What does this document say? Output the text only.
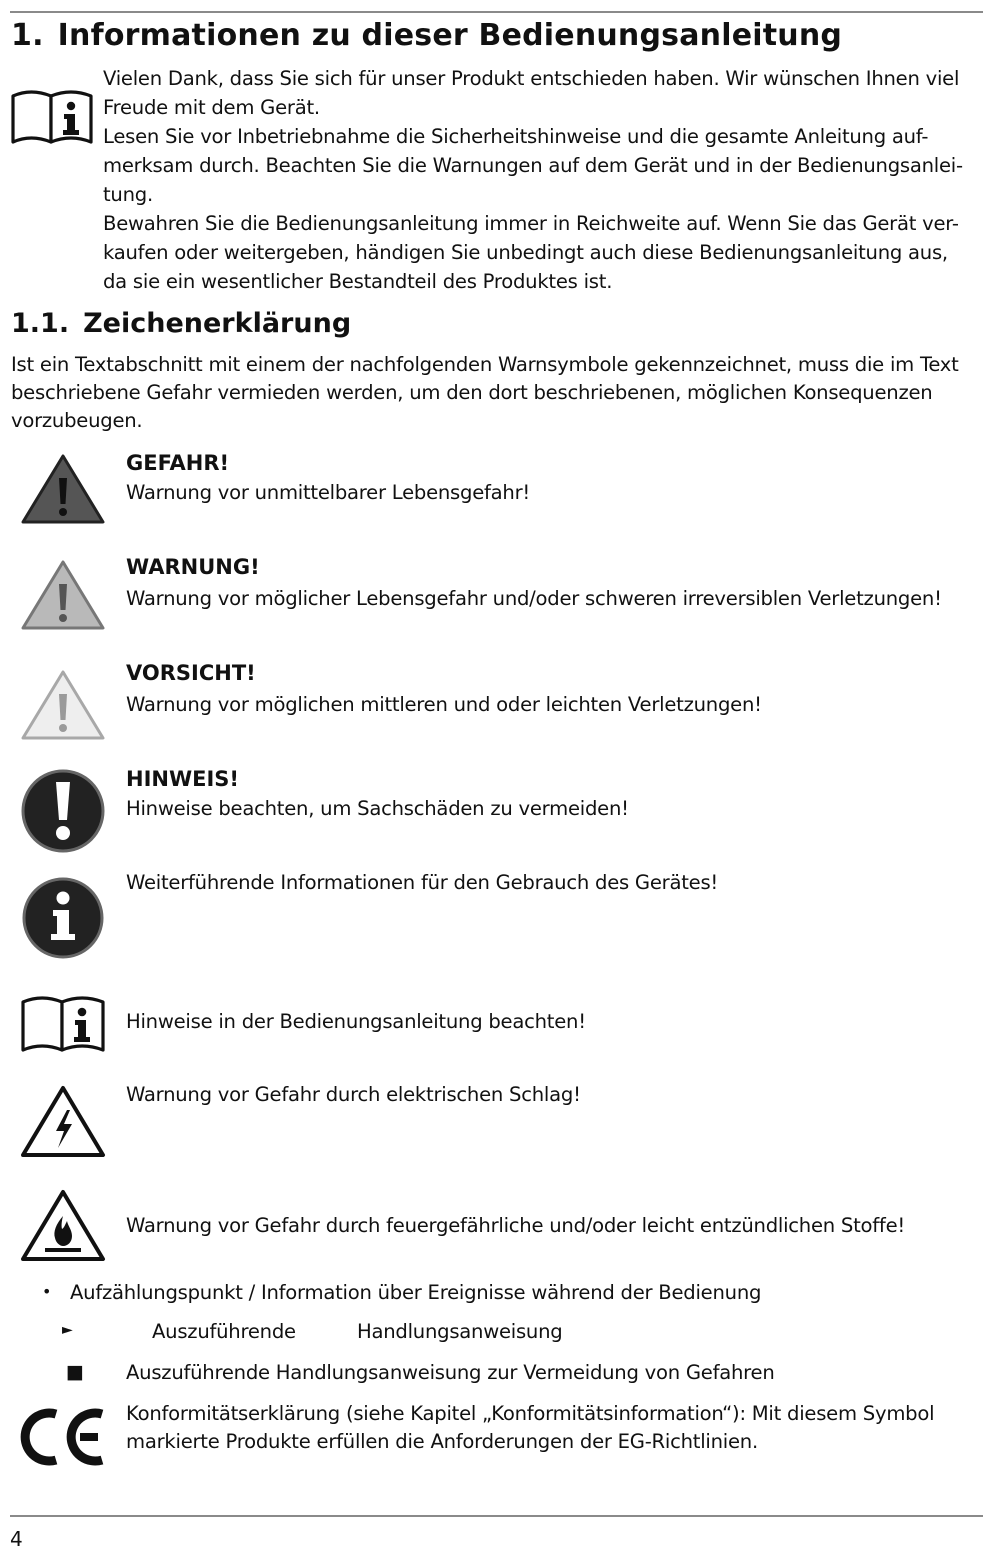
1. Informationen zu dieser Bedienungsanleitung
Vielen Dank, dass Sie sich für unser Produkt entschieden haben. Wir wünschen Ihnen viel
Freude mit dem Gerät.
Lesen Sie vor Inbetriebnahme die Sicherheitshinweise und die gesamte Anleitung auf-
merksam durch. Beachten Sie die Warnungen auf dem Gerät und in der Bedienungsanlei-
tung.
Bewahren Sie die Bedienungsanleitung immer in Reichweite auf. Wenn Sie das Gerät ver-
kaufen oder weitergeben, händigen Sie unbedingt auch diese Bedienungsanleitung aus,
da sie ein wesentlicher Bestandteil des Produktes ist.
1.1. Zeichenerklärung
Ist ein Textabschnitt mit einem der nachfolgenden Warnsymbole gekennzeichnet, muss die im Text
beschriebene Gefahr vermieden werden, um den dort beschriebenen, möglichen Konsequenzen
vorzubeugen.
GEFAHR!
Warnung vor unmittelbarer Lebensgefahr!
WARNUNG!
Warnung vor möglicher Lebensgefahr und/oder schweren irreversiblen Verletzungen!
VORSICHT!
Warnung vor möglichen mittleren und oder leichten Verletzungen!
HINWEIS!
Hinweise beachten, um Sachschäden zu vermeiden!
Weiterführende Informationen für den Gebrauch des Gerätes!
Hinweise in der Bedienungsanleitung beachten!
Warnung vor Gefahr durch elektrischen Schlag!
Warnung vor Gefahr durch feuergefährliche und/oder leicht entzündlichen Stoffe!
• Aufzählungspunkt / Information über Ereignisse während der Bedienung
►	Auszuführende	Handlungsanweisung
■ Auszuführende Handlungsanweisung zur Vermeidung von Gefahren
Konformitätserklärung (siehe Kapitel „Konformitätsinformation“): Mit diesem Symbol
markierte Produkte erfüllen die Anforderungen der EG-Richtlinien.
4
